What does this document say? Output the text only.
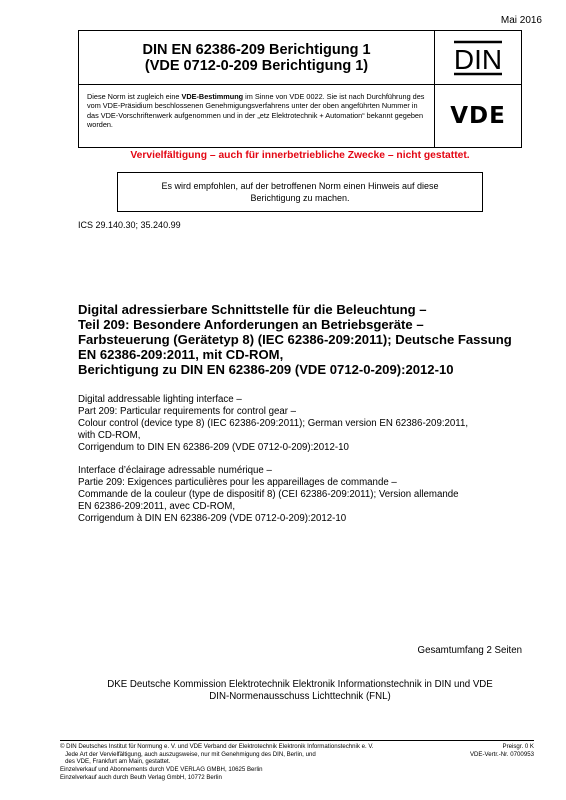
Mai 2016
DIN EN 62386-209 Berichtigung 1
(VDE 0712-0-209 Berichtigung 1)	DIN
Diese Norm ist zugleich eine VDE-Bestimmung im Sinne von VDE 0022. Sie ist nach Durchführung des vom VDE-Präsidium beschlossenen Genehmigungsverfahrens unter der oben angeführten Nummer in das VDE-Vorschriftenwerk aufgenommen und in der „etz Elektrotechnik + Automation“ bekannt gegeben worden.	VDE
Vervielfältigung – auch für innerbetriebliche Zwecke – nicht gestattet.
Es wird empfohlen, auf der betroffenen Norm einen Hinweis auf diese Berichtigung zu machen.
ICS 29.140.30; 35.240.99
Digital adressierbare Schnittstelle für die Beleuchtung –
Teil 209: Besondere Anforderungen an Betriebsgeräte –
Farbsteuerung (Gerätetyp 8) (IEC 62386-209:2011); Deutsche Fassung
EN 62386-209:2011, mit CD-ROM,
Berichtigung zu DIN EN 62386-209 (VDE 0712-0-209):2012-10
Digital addressable lighting interface –
Part 209: Particular requirements for control gear –
Colour control (device type 8) (IEC 62386-209:2011); German version EN 62386-209:2011,
with CD-ROM,
Corrigendum to DIN EN 62386-209 (VDE 0712-0-209):2012-10
Interface d’éclairage adressable numérique –
Partie 209: Exigences particulières pour les appareillages de commande –
Commande de la couleur (type de dispositif 8) (CEI 62386-209:2011); Version allemande
EN 62386-209:2011, avec CD-ROM,
Corrigendum à DIN EN 62386-209 (VDE 0712-0-209):2012-10
Gesamtumfang 2 Seiten
DKE Deutsche Kommission Elektrotechnik Elektronik Informationstechnik in DIN und VDE
DIN-Normenausschuss Lichttechnik (FNL)
© DIN Deutsches Institut für Normung e. V. und VDE Verband der Elektrotechnik Elektronik Informationstechnik e. V.
Jede Art der Vervielfältigung, auch auszugsweise, nur mit Genehmigung des DIN, Berlin, und
des VDE, Frankfurt am Main, gestattet.
Einzelverkauf und Abonnements durch VDE VERLAG GMBH, 10625 Berlin
Einzelverkauf auch durch Beuth Verlag GmbH, 10772 Berlin
Preisgr. 0 K
VDE-Vertr.-Nr. 0700953
